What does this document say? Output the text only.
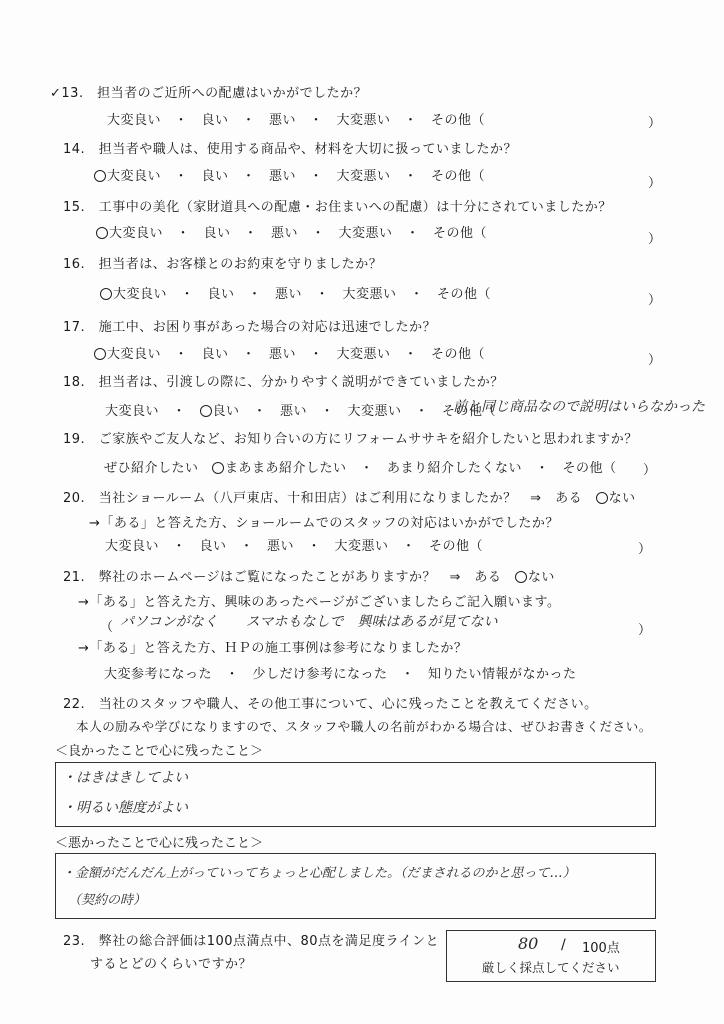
✓13.　 担当者のご近所への配慮はいかがでしたか？
大変良い　・　良い　・　悪い　・　大変悪い　・　その他（	）
14.　 担当者や職人は、使用する商品や、材料を大切に扱っていましたか？
大変良い　・　良い　・　悪い　・　大変悪い　・　その他（	）
15.　 工事中の美化（家財道具への配慮・お住まいへの配慮）は十分にされていましたか？
大変良い　・　良い　・　悪い　・　大変悪い　・　その他（	）
16.　 担当者は、お客様とのお約束を守りましたか？
大変良い　・　良い　・　悪い　・　大変悪い　・　その他（	）
17.　 施工中、お困り事があった場合の対応は迅速でしたか？
大変良い　・　良い　・　悪い　・　大変悪い　・　その他（	）
18.　 担当者は、引渡しの際に、分かりやすく説明ができていましたか？
大変良い　・　 良い　・　悪い　・　大変悪い　・　その他（
前と同じ商品なので説明はいらなかった
19.　 ご家族やご友人など、お知り合いの方にリフォームササキを紹介したいと思われますか？
ぜひ紹介したい　 まあまあ紹介したい　・　あまり紹介したくない　・　その他（ ）
20.　 当社ショールーム（八戸東店、十和田店）はご利用になりましたか？　⇒　ある　 ない
→「ある」と答えた方、ショールームでのスタッフの対応はいかがでしたか？
大変良い　・　良い　・　悪い　・　大変悪い　・　その他（	）
21.　 弊社のホームページはご覧になったことがありますか？　⇒　ある　 ない
→「ある」と答えた方、興味のあったページがございましたらご記入願います。
（ パソコンがなく　　スマホもなしで　興味はあるが見てない
）
→「ある」と答えた方、ＨＰの施工事例は参考になりましたか？
大変参考になった　・　少しだけ参考になった　・　知りたい情報がなかった
22.　 当社のスタッフや職人、その他工事について、心に残ったことを教えてください。
本人の励みや学びになりますので、スタッフや職人の名前がわかる場合は、ぜひお書きください。
＜良かったことで心に残ったこと＞
・はきはきしてよい
・明るい態度がよい
＜悪かったことで心に残ったこと＞
・金額がだんだん上がっていってちょっと心配しました。（だまされるのかと思って…）
（契約の時）
23.　 弊社の総合評価は100点満点中、80点を満足度ラインと
するとどのくらいですか？
80 / 100点
厳しく採点してください
